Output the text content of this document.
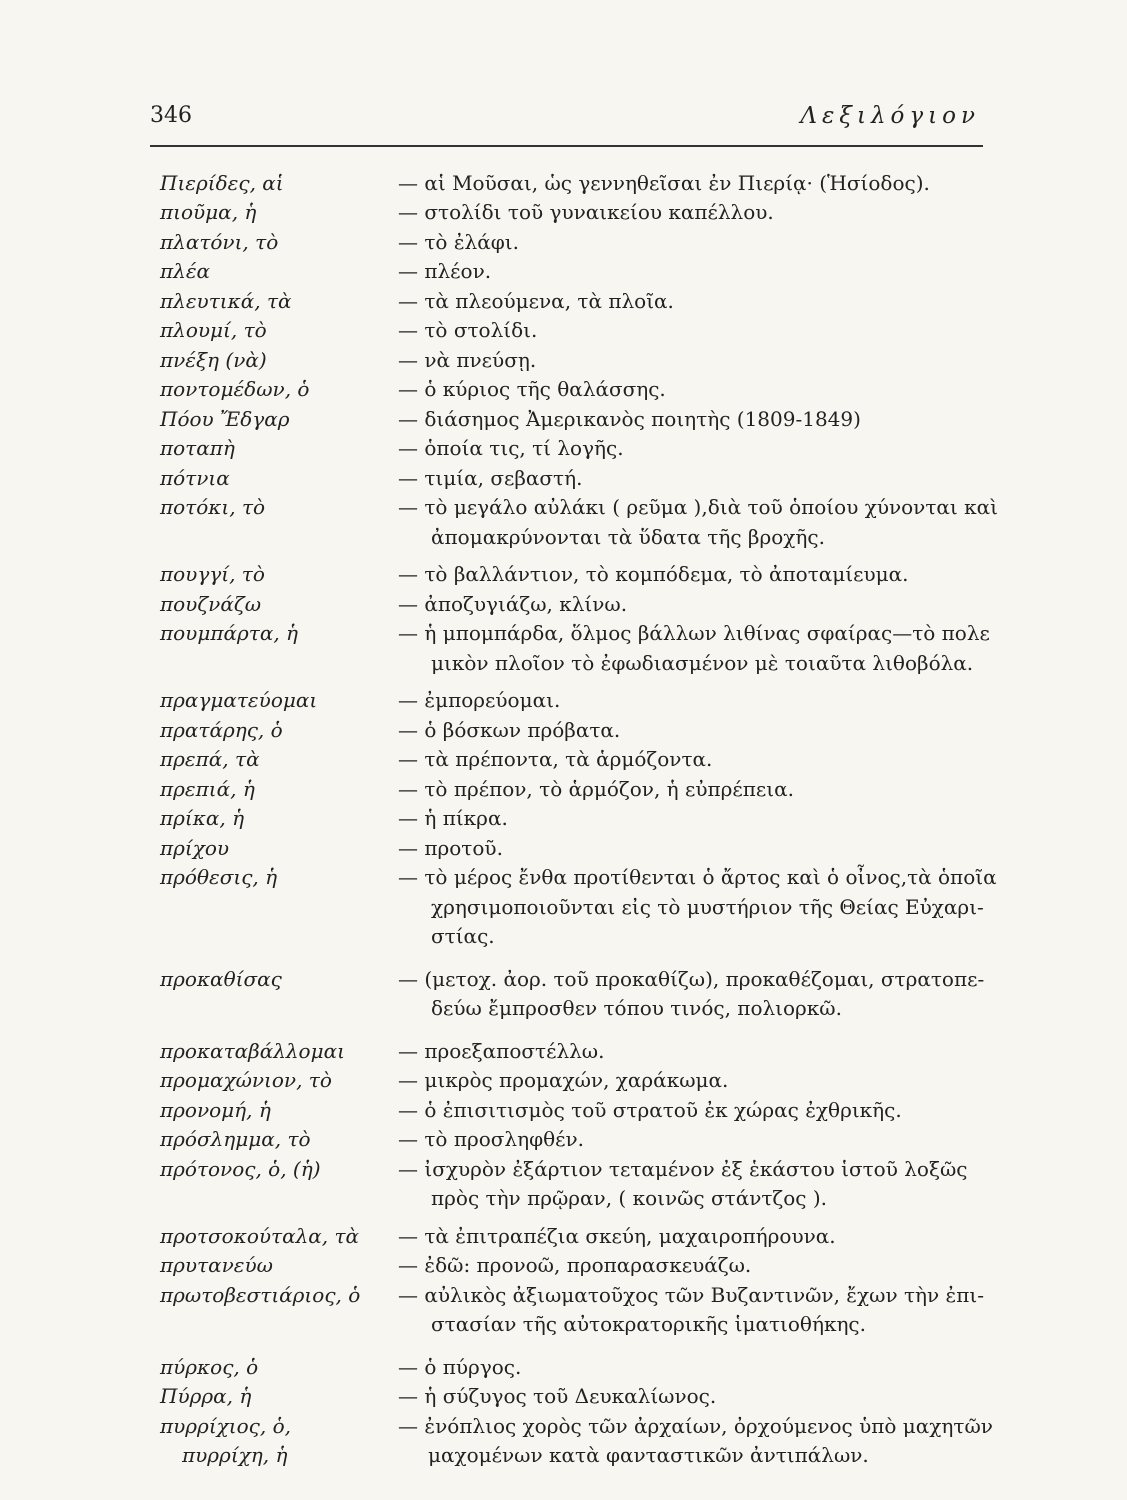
346	Λεξιλόγιον
Πιερίδες, αἱ	— αἱ Μοῦσαι, ὡς γεννηθεῖσαι ἐν Πιερίᾳ· (Ἡσίοδος).
πιοῦμα, ἡ	— στολίδι τοῦ γυναικείου καπέλλου.
πλατόνι, τὸ	— τὸ ἐλάφι.
πλέα	— πλέον.
πλευτικά, τὰ	— τὰ πλεούμενα, τὰ πλοῖα.
πλουμί, τὸ	— τὸ στολίδι.
πνέξη (νὰ)	— νὰ πνεύσῃ.
ποντομέδων, ὁ	— ὁ κύριος τῆς θαλάσσης.
Πόου Ἔδγαρ	— διάσημος Ἀμερικανὸς ποιητὴς (1809-1849)
ποταπὴ	— ὁποία τις, τί λογῆς.
πότνια	— τιμία, σεβαστή.
ποτόκι, τὸ	— τὸ μεγάλο αὐλάκι ( ρεῦμα ),διὰ τοῦ ὁποίου χύνονται καὶ
ἀπομακρύνονται τὰ ὕδατα τῆς βροχῆς.
πουγγί, τὸ	— τὸ βαλλάντιον, τὸ κομπόδεμα, τὸ ἀποταμίευμα.
πουζνάζω	— ἀποζυγιάζω, κλίνω.
πουμπάρτα, ἡ	— ἡ μπομπάρδα, ὅλμος βάλλων λιθίνας σφαίρας—τὸ πολε
μικὸν πλοῖον τὸ ἐφωδιασμένον μὲ τοιαῦτα λιθοβόλα.
πραγματεύομαι	— ἐμπορεύομαι.
πρατάρης, ὁ	— ὁ βόσκων πρόβατα.
πρεπά, τὰ	— τὰ πρέποντα, τὰ ἁρμόζοντα.
πρεπιά, ἡ	— τὸ πρέπον, τὸ ἁρμόζον, ἡ εὐπρέπεια.
πρίκα, ἡ	— ἡ πίκρα.
πρίχου	— προτοῦ.
πρόθεσις, ἡ	— τὸ μέρος ἔνθα προτίθενται ὁ ἄρτος καὶ ὁ οἶνος,τὰ ὁποῖα
χρησιμοποιοῦνται εἰς τὸ μυστήριον τῆς Θείας Εὐχαρι-
στίας.
προκαθίσας	— (μετοχ. ἀορ. τοῦ προκαθίζω), προκαθέζομαι, στρατοπε-
δεύω ἔμπροσθεν τόπου τινός, πολιορκῶ.
προκαταβάλλομαι	— προεξαποστέλλω.
προμαχώνιον, τὸ	— μικρὸς προμαχών, χαράκωμα.
προνομή, ἡ	— ὁ ἐπισιτισμὸς τοῦ στρατοῦ ἐκ χώρας ἐχθρικῆς.
πρόσλημμα, τὸ	— τὸ προσληφθέν.
πρότονος, ὁ, (ἡ)	— ἰσχυρὸν ἐξάρτιον τεταμένον ἐξ ἑκάστου ἱστοῦ λοξῶς
πρὸς τὴν πρῷραν, ( κοινῶς στάντζος ).
προτσοκούταλα, τὰ	— τὰ ἐπιτραπέζια σκεύη, μαχαιροπήρουνα.
πρυτανεύω	— ἐδῶ: προνοῶ, προπαρασκευάζω.
πρωτοβεστιάριος, ὁ	— αὐλικὸς ἀξιωματοῦχος τῶν Βυζαντινῶν, ἔχων τὴν ἐπι-
στασίαν τῆς αὐτοκρατορικῆς ἱματιοθήκης.
πύρκος, ὁ	— ὁ πύργος.
Πύρρα, ἡ	— ἡ σύζυγος τοῦ Δευκαλίωνος.
πυρρίχιος, ὁ,	— ἐνόπλιος χορὸς τῶν ἀρχαίων, ὀρχούμενος ὑπὸ μαχητῶν
πυρρίχη, ἡ	μαχομένων κατὰ φανταστικῶν ἀντιπάλων.
